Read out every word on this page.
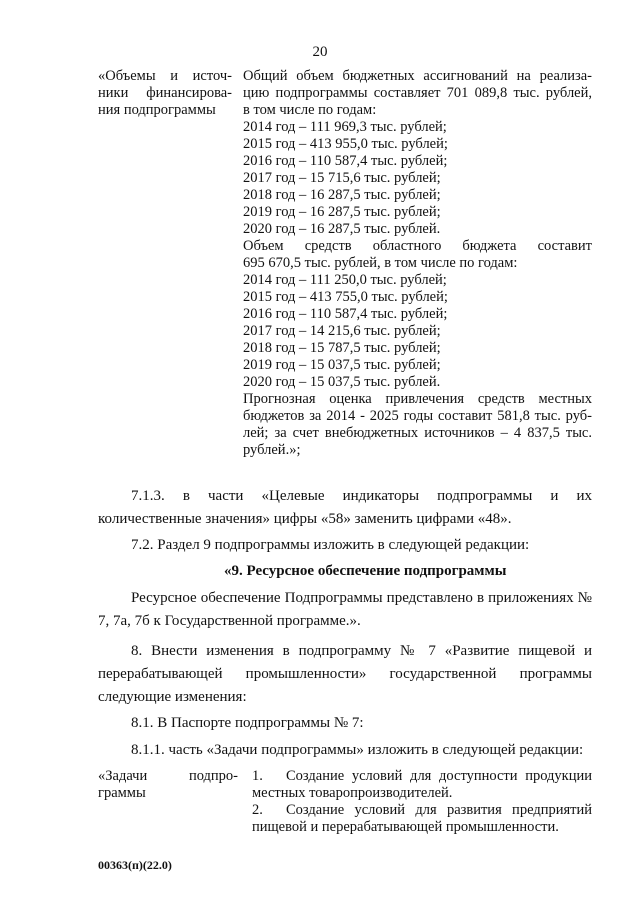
20
«Объемы и источ-
ники финансирова-
ния подпрограммы
Общий объем бюджетных ассигнований на реализа-
цию подпрограммы составляет 701 089,8 тыс. рублей,
в том числе по годам:
2014 год – 111 969,3 тыс. рублей;
2015 год – 413 955,0 тыс. рублей;
2016 год – 110 587,4 тыс. рублей;
2017 год – 15 715,6 тыс. рублей;
2018 год – 16 287,5 тыс. рублей;
2019 год – 16 287,5 тыс. рублей;
2020 год – 16 287,5 тыс. рублей.
Объем средств областного бюджета составит
695 670,5 тыс. рублей, в том числе по годам:
2014 год – 111 250,0 тыс. рублей;
2015 год – 413 755,0 тыс. рублей;
2016 год – 110 587,4 тыс. рублей;
2017 год – 14 215,6 тыс. рублей;
2018 год – 15 787,5 тыс. рублей;
2019 год – 15 037,5 тыс. рублей;
2020 год – 15 037,5 тыс. рублей.
Прогнозная оценка привлечения средств местных
бюджетов за 2014 - 2025 годы составит 581,8 тыс. руб-
лей; за счет внебюджетных источников – 4 837,5 тыс.
рублей.»;
7.1.3. в части «Целевые индикаторы подпрограммы и их количественные значения» цифры «58» заменить цифрами «48».
7.2. Раздел 9 подпрограммы изложить в следующей редакции:
«9. Ресурсное обеспечение подпрограммы
Ресурсное обеспечение Подпрограммы представлено в приложениях № 7, 7а, 7б к Государственной программе.».
8. Внести изменения в подпрограмму № 7 «Развитие пищевой и перерабатывающей промышленности» государственной программы следующие изменения:
8.1. В Паспорте подпрограммы № 7:
8.1.1. часть «Задачи подпрограммы» изложить в следующей редакции:
«Задачи	подпро-
граммы
1. Создание условий для доступности продукции местных товаропроизводителей.
2. Создание условий для развития предприятий пищевой и перерабатывающей промышленности.
00363(п)(22.0)
